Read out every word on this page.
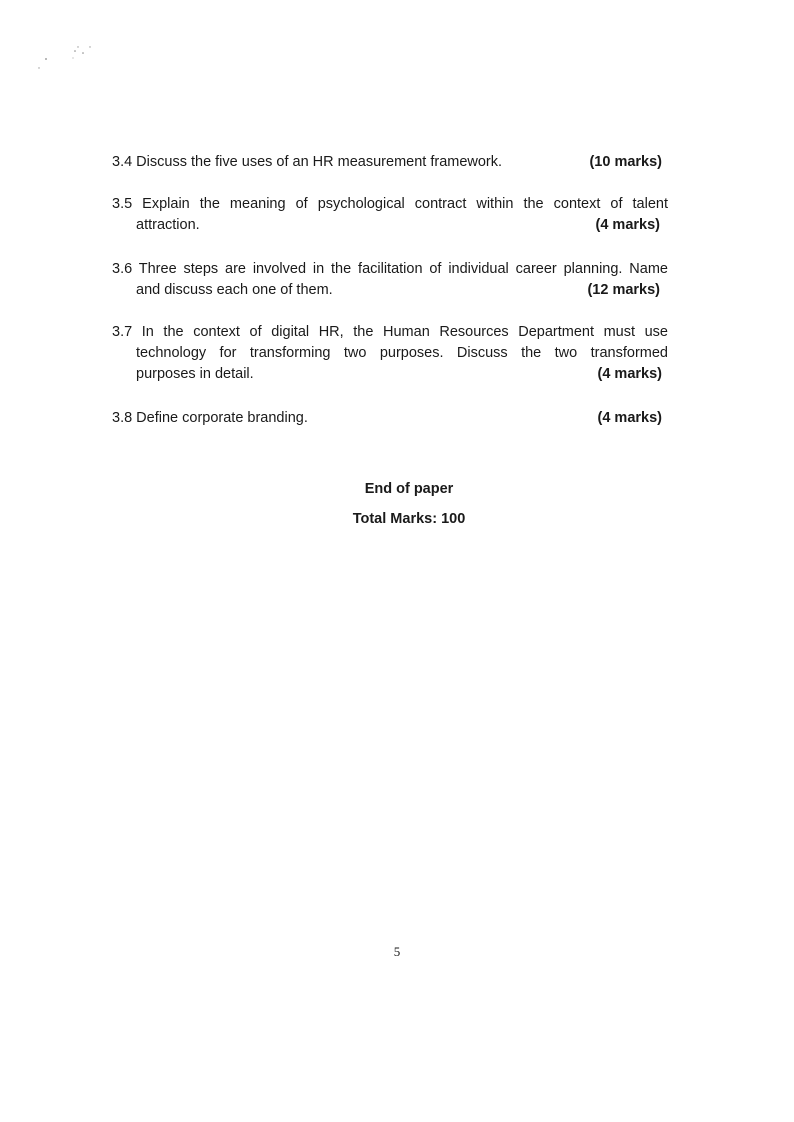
3.4 Discuss the five uses of an HR measurement framework.	(10 marks)
3.5 Explain the meaning of psychological contract within the context of talent
attraction.	(4 marks)
3.6 Three steps are involved in the facilitation of individual career planning. Name
and discuss each one of them.	(12 marks)
3.7 In the context of digital HR, the Human Resources Department must use
technology for transforming two purposes. Discuss the two transformed
purposes in detail.	(4 marks)
3.8 Define corporate branding.	(4 marks)
End of paper
Total Marks: 100
5
